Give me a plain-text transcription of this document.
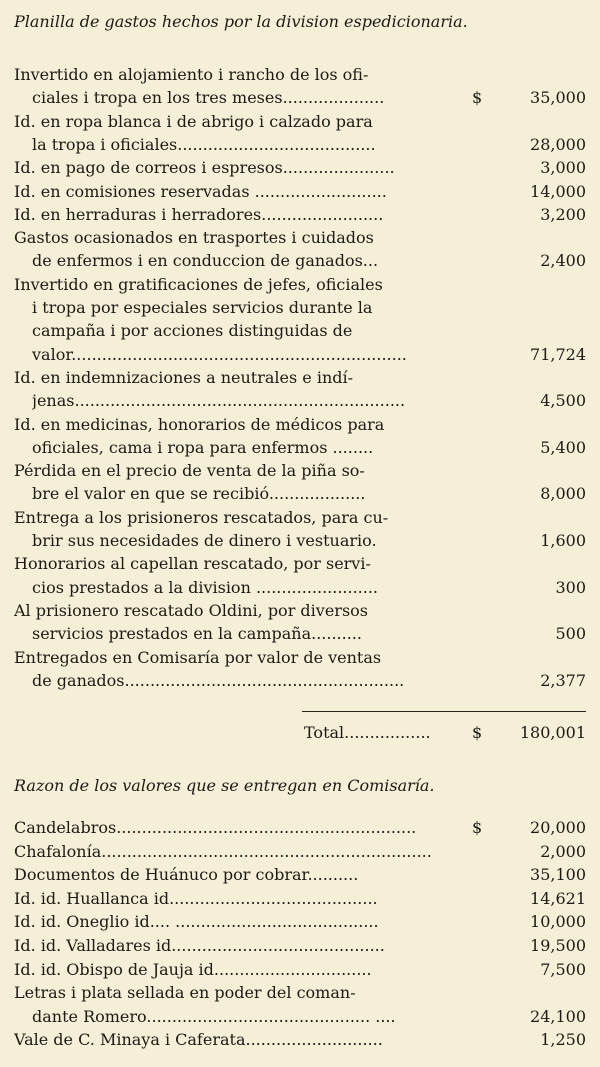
Planilla de gastos hechos por la division espedicionaria.
Invertido en alojamiento i rancho de los ofi-
ciales i tropa en los tres meses....................	$	35,000
Id. en ropa blanca i de abrigo i calzado para
la tropa i oficiales.......................................	28,000
Id. en pago de correos i espresos......................	3,000
Id. en comisiones reservadas ..........................	14,000
Id. en herraduras i herradores........................	3,200
Gastos ocasionados en trasportes i cuidados
de enfermos i en conduccion de ganados...	2,400
Invertido en gratificaciones de jefes, oficiales
i tropa por especiales servicios durante la
campaña i por acciones distinguidas de
valor..................................................................	71,724
Id. en indemnizaciones a neutrales e indí-
jenas.................................................................	4,500
Id. en medicinas, honorarios de médicos para
oficiales, cama i ropa para enfermos ........	5,400
Pérdida en el precio de venta de la piña so-
bre el valor en que se recibió...................	8,000
Entrega a los prisioneros rescatados, para cu-
brir sus necesidades de dinero i vestuario.	1,600
Honorarios al capellan rescatado, por servi-
cios prestados a la division ........................	300
Al prisionero rescatado Oldini, por diversos
servicios prestados en la campaña..........	500
Entregados en Comisaría por valor de ventas
de ganados.......................................................	2,377
Total.................	$ 180,001
Razon de los valores que se entregan en Comisaría.
Candelabros...........................................................	$	20,000
Chafalonía.................................................................	2,000
Documentos de Huánuco por cobrar..........	35,100
Id. id. Huallanca id.........................................	14,621
Id. id. Oneglio id.... ........................................	10,000
Id. id. Valladares id..........................................	19,500
Id. id. Obispo de Jauja id...............................	7,500
Letras i plata sellada en poder del coman-
dante Romero............................................ ....	24,100
Vale de C. Minaya i Caferata...........................	1,250
